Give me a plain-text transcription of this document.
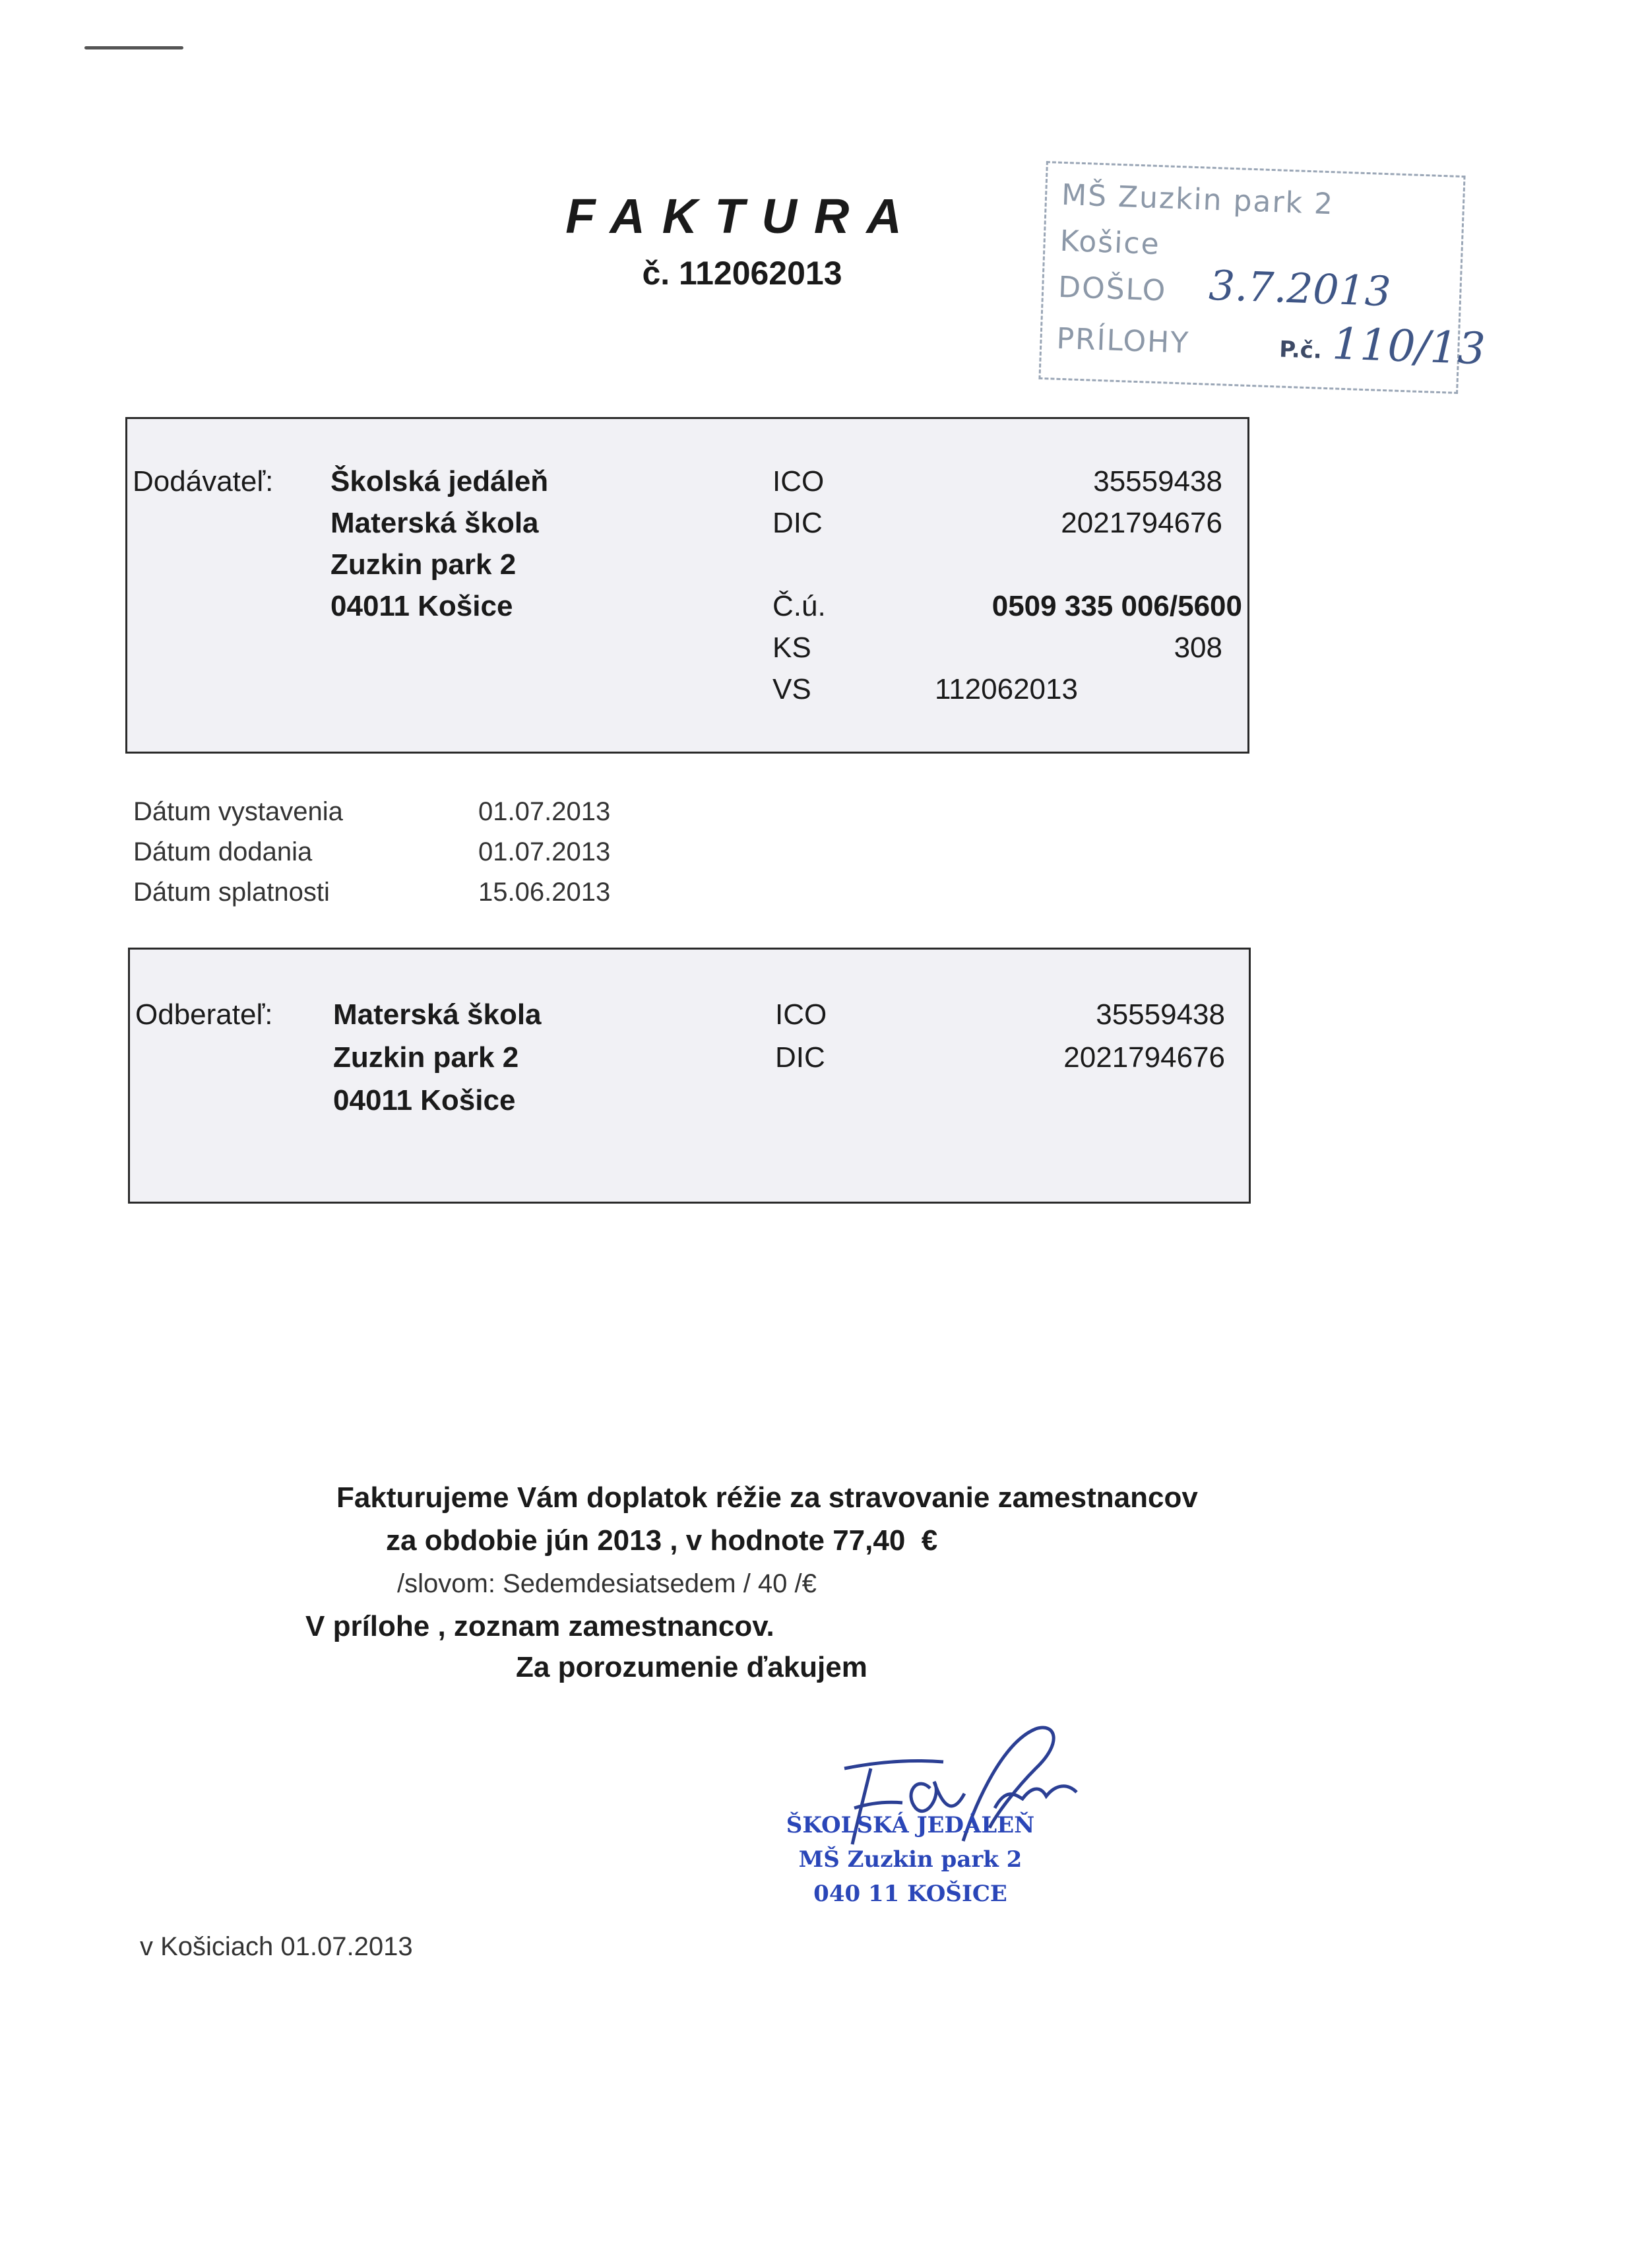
FAKTURA
č. 112062013
MŠ Zuzkin park 2
Košice
DOŠLO 3.7.2013
PRÍLOHY	P.č. 110/13
Dodávateľ: Školská jedáleň
Materská škola
Zuzkin park 2
04011 Košice
ICO	35559438
DIC	2021794676
Č.ú.	0509 335 006/5600
KS	308
VS	112062013
Dátum vystavenia	01.07.2013
Dátum dodania	01.07.2013
Dátum splatnosti	15.06.2013
Odberateľ: Materská škola
Zuzkin park 2
04011 Košice
ICO	35559438
DIC	2021794676
Fakturujeme Vám doplatok réžie za stravovanie zamestnancov
za obdobie jún 2013 , v hodnote 77,40  €
/slovom: Sedemdesiatsedem / 40 /€
V prílohe , zoznam zamestnancov.
Za porozumenie ďakujem
ŠKOLSKÁ JEDÁLEŇ
MŠ Zuzkin park 2
040 11 KOŠICE
v Košiciach 01.07.2013
